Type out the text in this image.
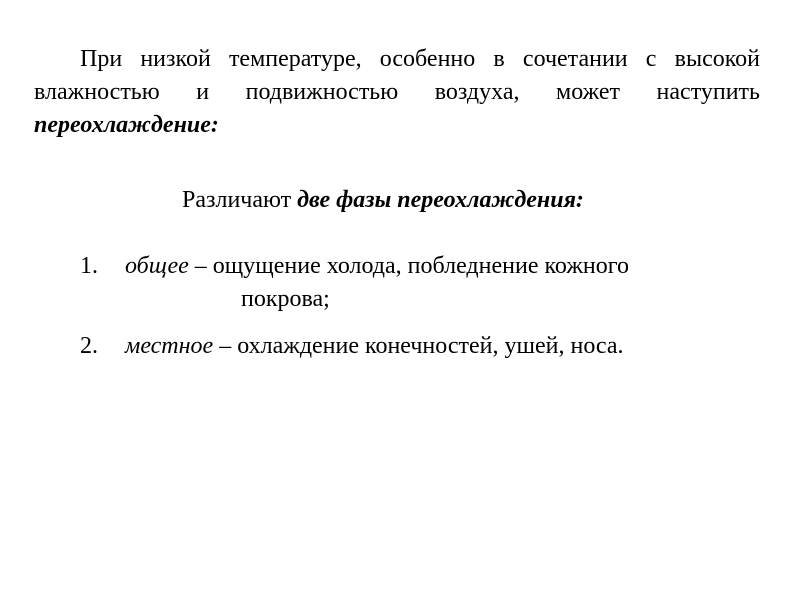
При низкой температуре, особенно в сочетании с высокой влажностью и подвижностью воздуха, может наступить переохлаждение:

Различают две фазы переохлаждения:

1. общее – ощущение холода, побледнение кожного
покрова;
2. местное – охлаждение конечностей, ушей, носа.
